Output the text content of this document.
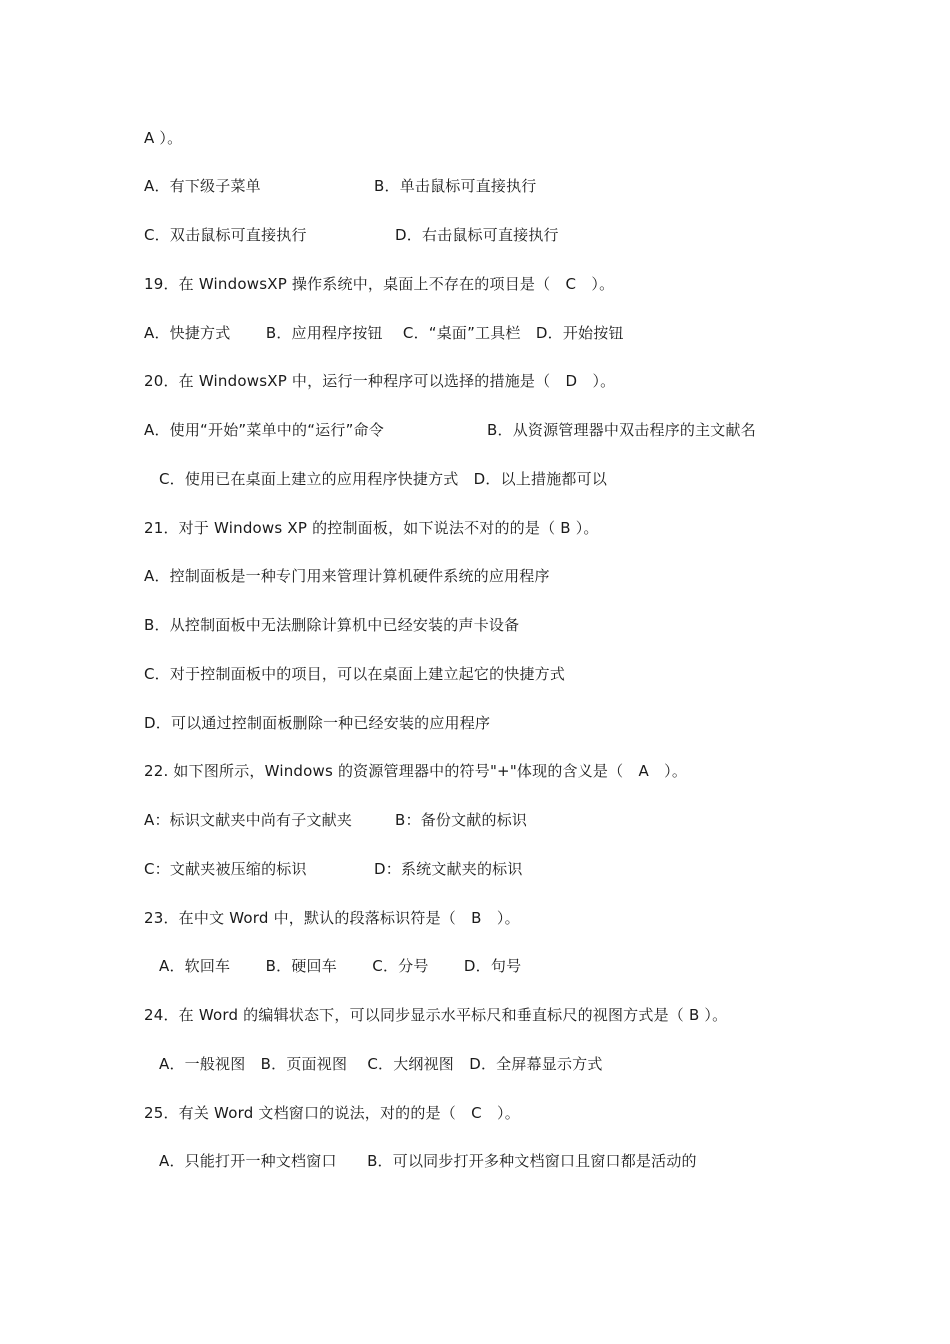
A ）。

A．有下级子菜单

	B．单击鼠标可直接执行

C．双击鼠标可直接执行

	D．右击鼠标可直接执行

19．在 WindowsXP 操作系统中，桌面上不存在的项目是（　C　）。
A．快捷方式　　 B．应用程序按钮　 C．“桌面”工具栏　D．开始按钮
20．在 WindowsXP 中，运行一种程序可以选择的措施是（　D　）。

A．使用“开始”菜单中的“运行”命令

	B．从资源管理器中双击程序的主文献名

C．使用已在桌面上建立的应用程序快捷方式　D．以上措施都可以
21．对于 Windows XP 的控制面板，如下说法不对的的是（ B ）。
A．控制面板是一种专门用来管理计算机硬件系统的应用程序
B．从控制面板中无法删除计算机中已经安装的声卡设备
C．对于控制面板中的项目，可以在桌面上建立起它的快捷方式
D．可以通过控制面板删除一种已经安装的应用程序
22. 如下图所示，Windows 的资源管理器中的符号"+"体现的含义是（　A　）。

A：标识文献夹中尚有子文献夹

	B：备份文献的标识

C：文献夹被压缩的标识

	D：系统文献夹的标识

23．在中文 Word 中，默认的段落标识符是（　B　）。
A．软回车　　 B．硬回车　　 C．分号　　 D．句号
24．在 Word 的编辑状态下，可以同步显示水平标尺和垂直标尺的视图方式是（ B ）。
A．一般视图　B．页面视图　 C．大纲视图　D．全屏幕显示方式
25．有关 Word 文档窗口的说法，对的的是（　C　）。
A．只能打开一种文档窗口　　B．可以同步打开多种文档窗口且窗口都是活动的
